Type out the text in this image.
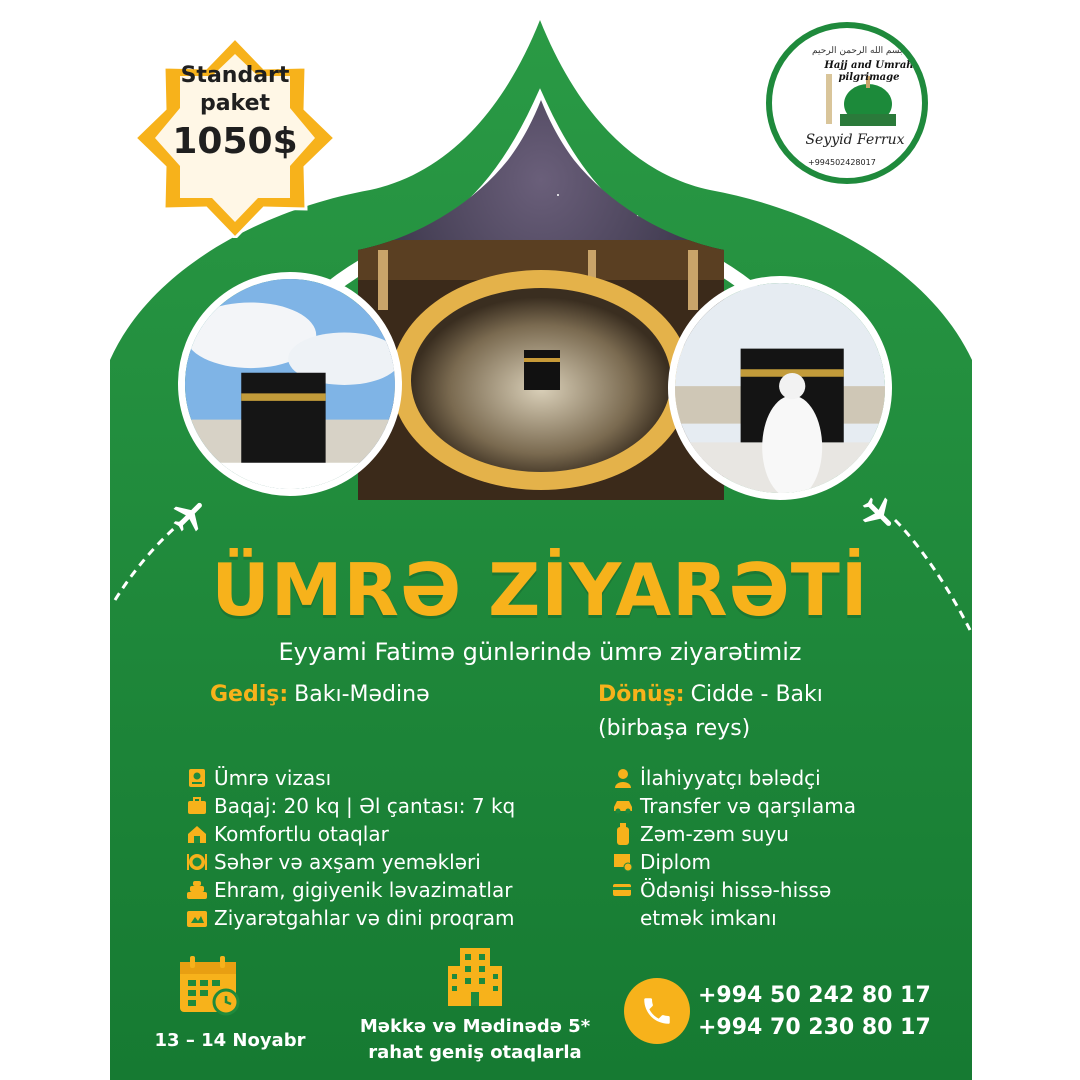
Standart
paket
1050$
بسم الله الرحمن الرحيم
Hajj and Umrah pilgrimage
Seyyid Ferrux
+994502428017
ÜMRƏ ZİYARƏTİ
Eyyami Fatimə günlərində ümrə ziyarətimiz
Gediş: Bakı-Mədinə	Dönüş: Cidde - Bakı
(birbaşa reys)
Ümrə vizası
Baqaj: 20 kq | Əl çantası: 7 kq
Komfortlu otaqlar
Səhər və axşam yeməkləri
Ehram, gigiyenik ləvazimatlar
Ziyarətgahlar və dini proqram
İlahiyyatçı bələdçi
Transfer və qarşılama
Zəm-zəm suyu
Diplom
Ödənişi hissə-hissə
etmək imkanı
13 – 14 Noyabr
Məkkə və Mədinədə 5*
rahat geniş otaqlarla
+994 50 242 80 17
+994 70 230 80 17
